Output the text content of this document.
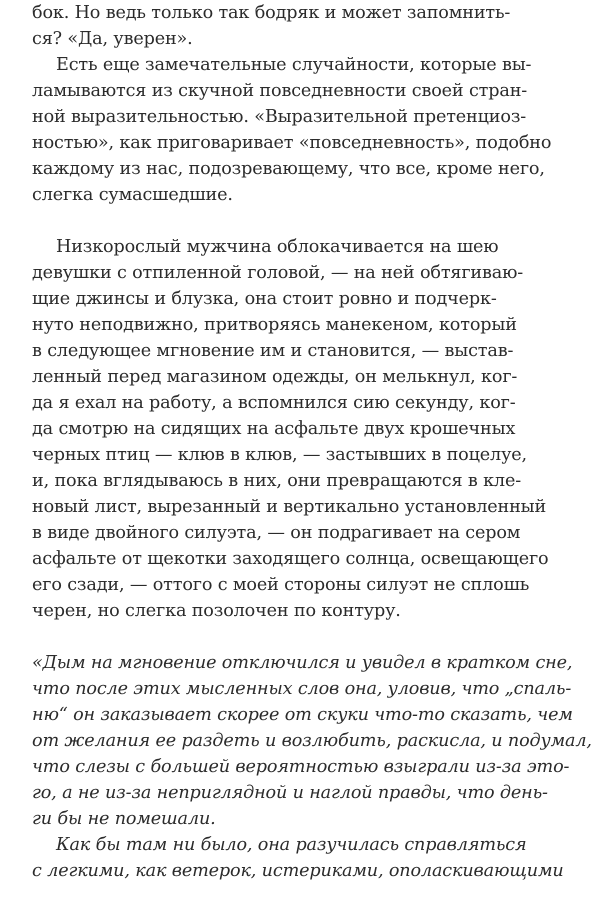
бок. Но ведь только так бодряк и может запомнить-
ся? «Да, уверен».
Есть еще замечательные случайности, которые вы-
ламываются из скучной повседневности своей стран-
ной выразительностью. «Выразительной претенциоз-
ностью», как приговаривает «повседневность», подобно
каждому из нас, подозревающему, что все, кроме него,
слегка сумасшедшие.
Низкорослый мужчина облокачивается на шею
девушки с отпиленной головой, — на ней обтягиваю-
щие джинсы и блузка, она стоит ровно и подчерк-
нуто неподвижно, притворяясь манекеном, который
в следующее мгновение им и становится, — выстав-
ленный перед магазином одежды, он мелькнул, ког-
да я ехал на работу, а вспомнился сию секунду, ког-
да смотрю на сидящих на асфальте двух крошечных
черных птиц — клюв в клюв, — застывших в поцелуе,
и, пока вглядываюсь в них, они превращаются в кле-
новый лист, вырезанный и вертикально установленный
в виде двойного силуэта, — он подрагивает на сером
асфальте от щекотки заходящего солнца, освещающего
его сзади, — оттого с моей стороны силуэт не сплошь
черен, но слегка позолочен по контуру.
«Дым на мгновение отключился и увидел в кратком сне,
что после этих мысленных слов она, уловив, что „спаль-
ню“ он заказывает скорее от скуки что-то сказать, чем
от желания ее раздеть и возлюбить, раскисла, и подумал,
что слезы с большей вероятностью взыграли из-за это-
го, а не из-за неприглядной и наглой правды, что день-
ги бы не помешали.
Как бы там ни было, она разучилась справляться
с легкими, как ветерок, истериками, ополаскивающими
